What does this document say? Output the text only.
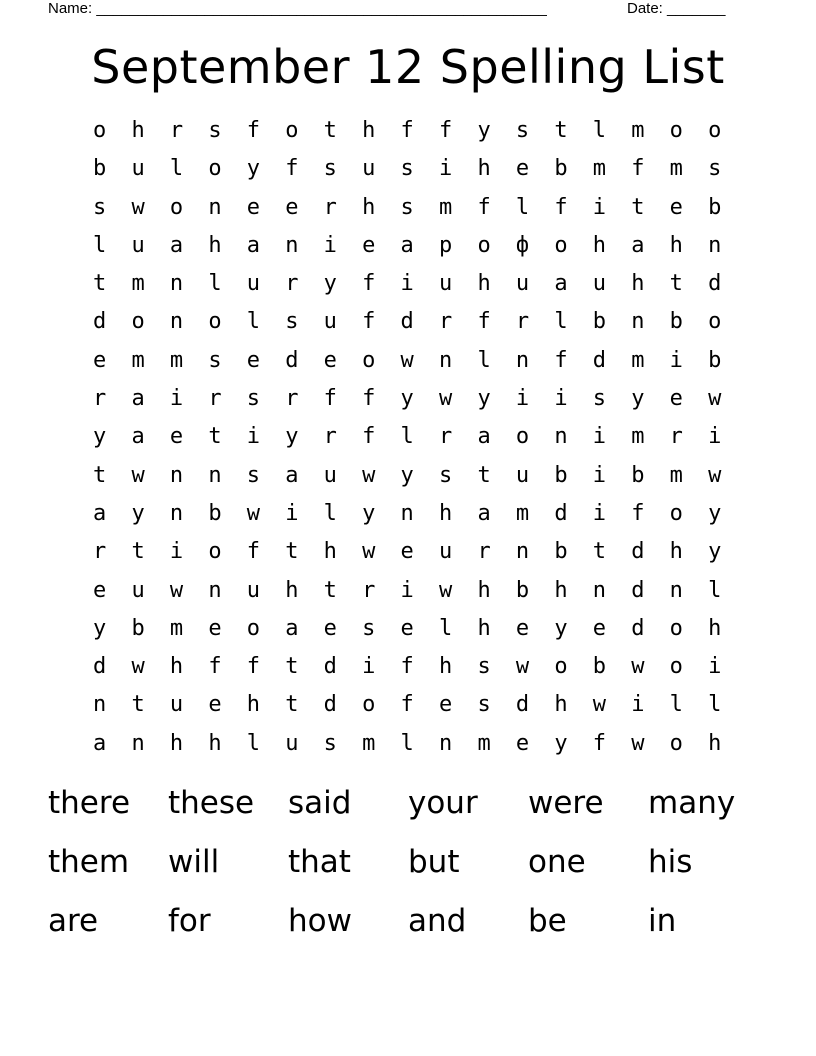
Name: ______________________________________________________	Date: _______
September 12 Spelling List
ohrsfothffystlmoo
buloyfsusihebmfms
swoneerhsmflfiteb
luahanieарофohahn
tmnluryfiuhuauhtd
donolsufdrfrlbnbo
emmsedeownlnfdmib
rairsrffywyiisyew
yaetiyrflraonimri
twnnsauwystubibmw
aynbwilynhamdifoy
rtiofthweurnbtdhy
euwnuhtriwhbhndnl
ybmeoaeselheyedoh
dwhfftdifhswobwoi
ntuehtdofesdhwill
anhhlusmlnmeyfwoh
there	these	said	your	were	many
them	will	that	but	one	his
are	for	how	and	be	in
